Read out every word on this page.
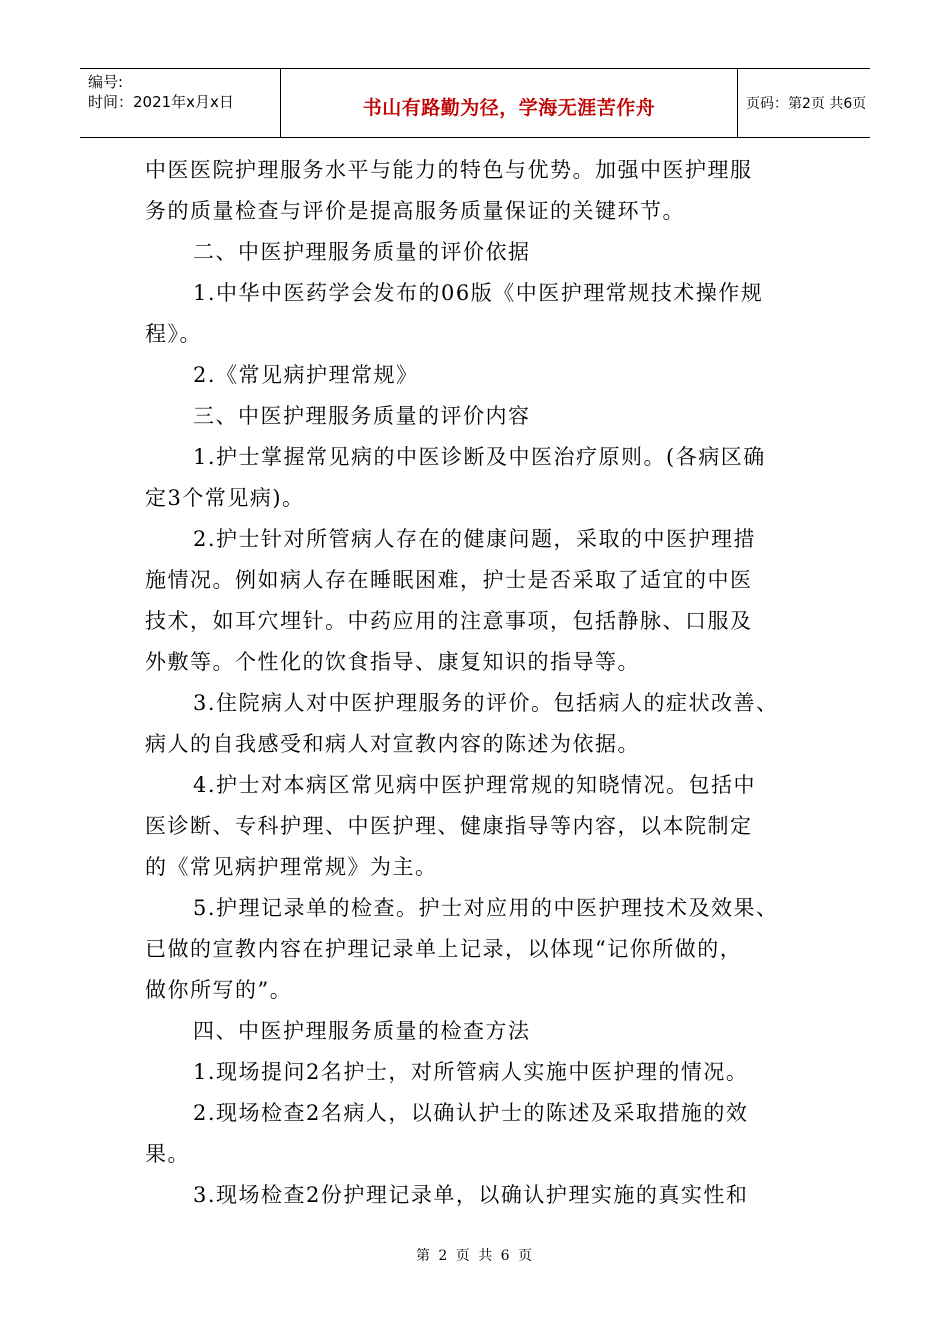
编号:
时间：2021年x月x日	书山有路勤为径，学海无涯苦作舟	页码：第2页 共6页
中医医院护理服务水平与能力的特色与优势。加强中医护理服
务的质量检查与评价是提高服务质量保证的关键环节。
二、中医护理服务质量的评价依据
1.中华中医药学会发布的06版《中医护理常规技术操作规
程》。
2.《常见病护理常规》
三、中医护理服务质量的评价内容
1.护士掌握常见病的中医诊断及中医治疗原则。(各病区确
定3个常见病)。
2.护士针对所管病人存在的健康问题，采取的中医护理措
施情况。例如病人存在睡眠困难，护士是否采取了适宜的中医
技术，如耳穴埋针。中药应用的注意事项，包括静脉、口服及
外敷等。个性化的饮食指导、康复知识的指导等。
3.住院病人对中医护理服务的评价。包括病人的症状改善、
病人的自我感受和病人对宣教内容的陈述为依据。
4.护士对本病区常见病中医护理常规的知晓情况。包括中
医诊断、专科护理、中医护理、健康指导等内容，以本院制定
的《常见病护理常规》为主。
5.护理记录单的检查。护士对应用的中医护理技术及效果、
已做的宣教内容在护理记录单上记录，以体现“记你所做的，
做你所写的”。
四、中医护理服务质量的检查方法
1.现场提问2名护士，对所管病人实施中医护理的情况。
2.现场检查2名病人，以确认护士的陈述及采取措施的效
果。
3.现场检查2份护理记录单，以确认护理实施的真实性和
第 2 页 共 6 页
